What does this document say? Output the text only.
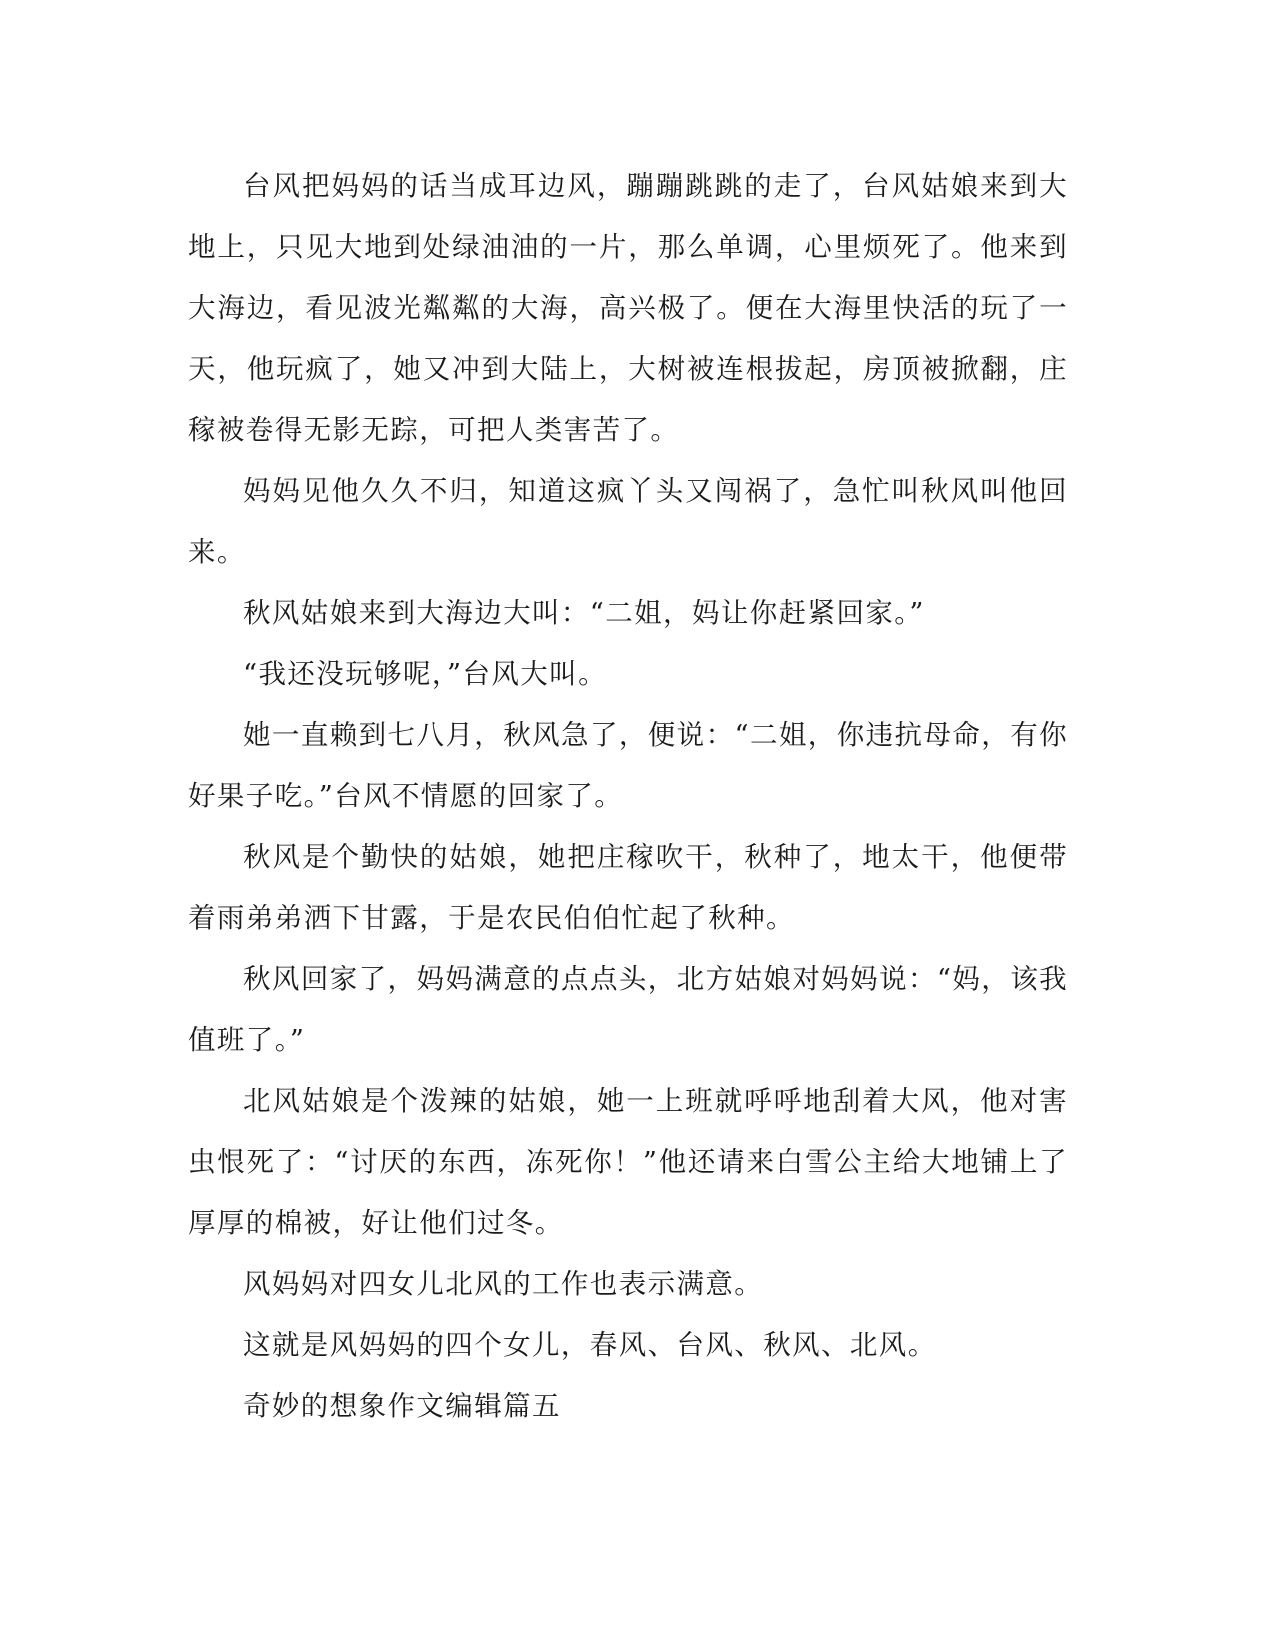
台风把妈妈的话当成耳边风，蹦蹦跳跳的走了，台风姑娘来到大地上，只见大地到处绿油油的一片，那么单调，心里烦死了。他来到大海边，看见波光粼粼的大海，高兴极了。便在大海里快活的玩了一天，他玩疯了，她又冲到大陆上，大树被连根拔起，房顶被掀翻，庄稼被卷得无影无踪，可把人类害苦了。

妈妈见他久久不归，知道这疯丫头又闯祸了，急忙叫秋风叫他回来。

秋风姑娘来到大海边大叫：“二姐，妈让你赶紧回家。”

“我还没玩够呢，”台风大叫。

她一直赖到七八月，秋风急了，便说：“二姐，你违抗母命，有你好果子吃。”台风不情愿的回家了。

秋风是个勤快的姑娘，她把庄稼吹干，秋种了，地太干，他便带着雨弟弟洒下甘露，于是农民伯伯忙起了秋种。

秋风回家了，妈妈满意的点点头，北方姑娘对妈妈说：“妈，该我值班了。”

北风姑娘是个泼辣的姑娘，她一上班就呼呼地刮着大风，他对害虫恨死了：“讨厌的东西，冻死你！”他还请来白雪公主给大地铺上了厚厚的棉被，好让他们过冬。

风妈妈对四女儿北风的工作也表示满意。

这就是风妈妈的四个女儿，春风、台风、秋风、北风。

奇妙的想象作文编辑篇五
